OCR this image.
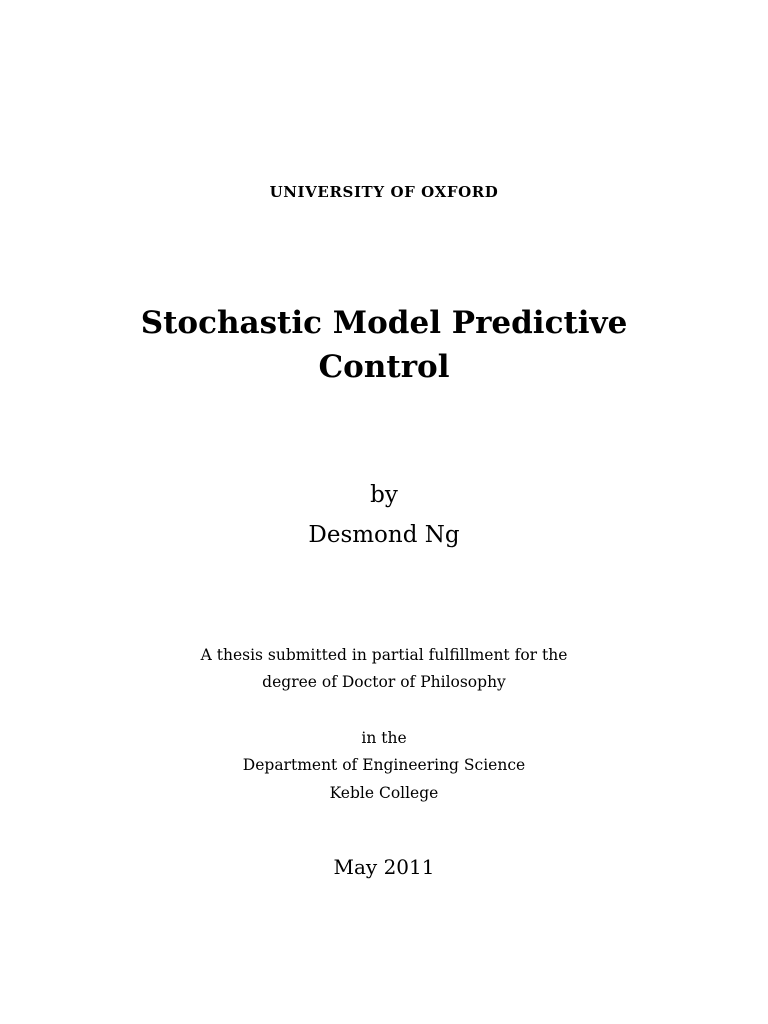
UNIVERSITY OF OXFORD
Stochastic Model Predictive
Control
by
Desmond Ng
A thesis submitted in partial fulfillment for the
degree of Doctor of Philosophy
in the
Department of Engineering Science
Keble College
May 2011
